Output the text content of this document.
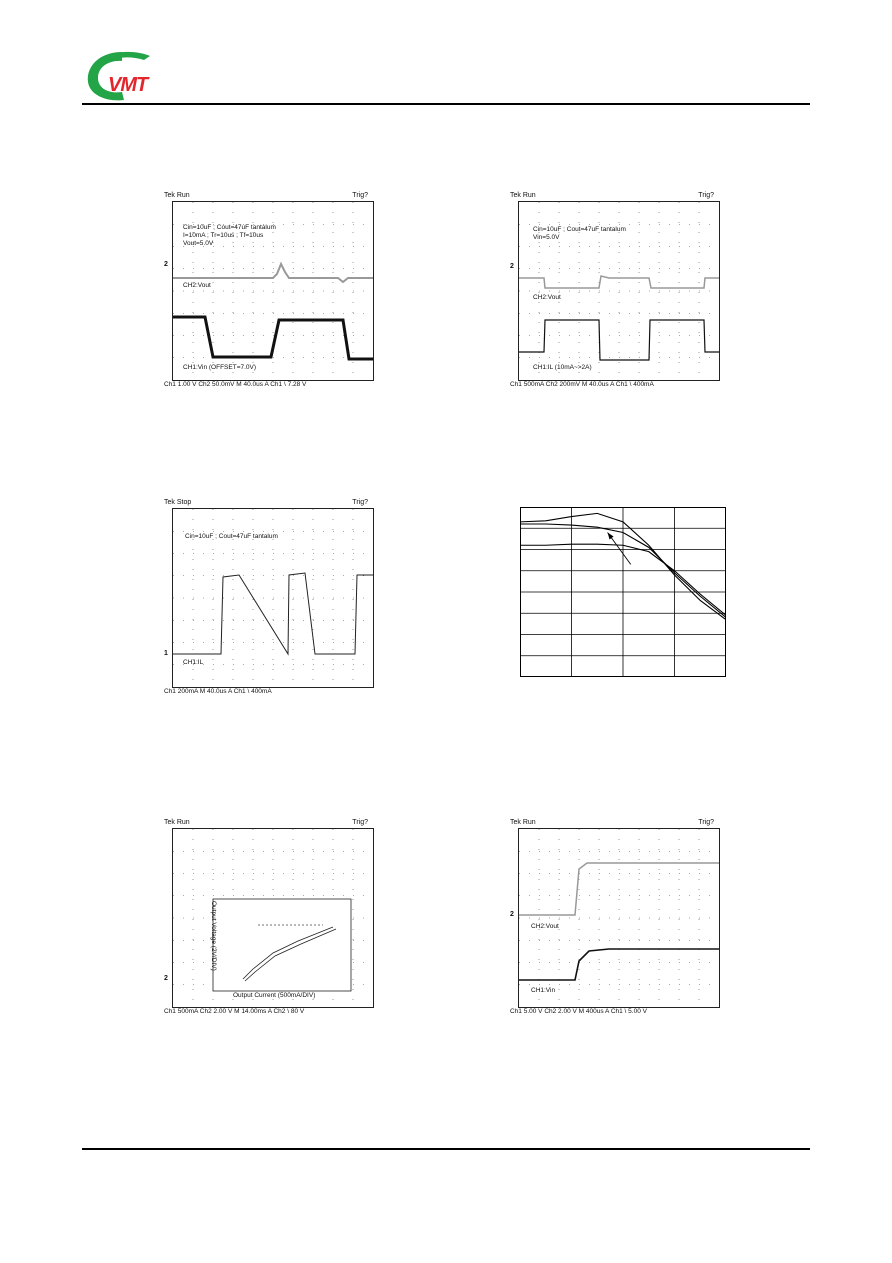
VMT
Tek Run	Trig?
Cin=10uF ; Cout=47uF tantalum
I=10mA ; Tr=10us ; Tf=10us
Vout=5.0V
CH2:Vout
CH1:Vin (OFFSET=7.0V)
2
Ch1 1.00 V Ch2 50.0mV M 40.0us A Ch1 \ 7.28 V
Tek Run	Trig?
Cin=10uF ; Cout=47uF tantalum
Vin=5.0V
CH2:Vout
CH1:IL (10mA~>2A)
2
Ch1 500mA Ch2 200mV M 40.0us A Ch1 \ 400mA
Tek Stop	Trig?
Cin=10uF ; Cout=47uF tantalum
CH1:IL
1
Ch1 200mA M 40.0us A Ch1 \ 400mA
Tek Run	Trig?
Output Voltage (2V/DIV)
Output Current (500mA/DIV)
2
Ch1 500mA Ch2 2.00 V M 14.00ms A Ch2 \ 80 V
Tek Run	Trig?
CH2:Vout
CH1:Vin
2
Ch1 5.00 V Ch2 2.00 V M 400us A Ch1 \ 5.00 V
